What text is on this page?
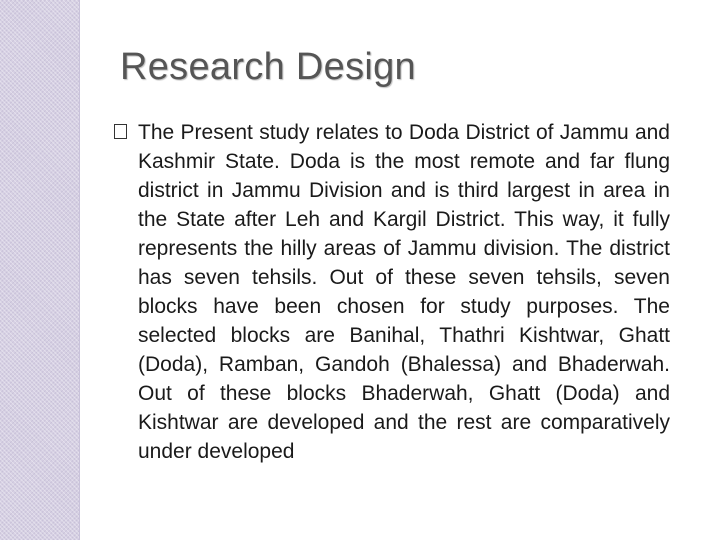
Research Design

The Present study relates to Doda District of Jammu and Kashmir State. Doda is the most remote and far flung district in Jammu Division and is third largest in area in the State after Leh and Kargil District. This way, it fully represents the hilly areas of Jammu division. The district has seven tehsils. Out of these seven tehsils, seven blocks have been chosen for study purposes. The selected blocks are Banihal, Thathri Kishtwar, Ghatt (Doda), Ramban, Gandoh (Bhalessa) and Bhaderwah. Out of these blocks Bhaderwah, Ghatt (Doda) and Kishtwar are developed and the rest are comparatively under developed
